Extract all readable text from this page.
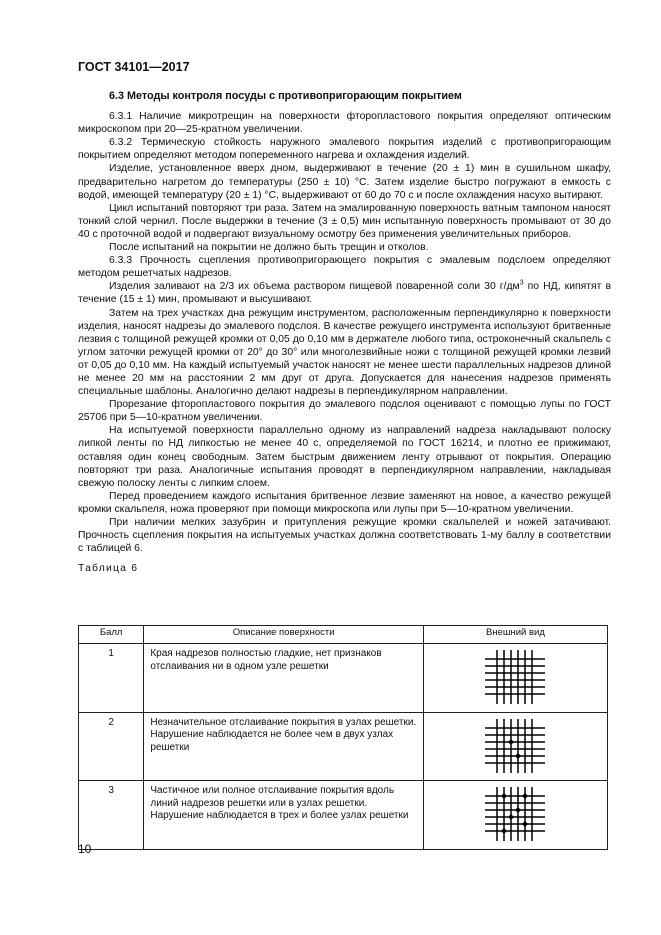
ГОСТ 34101—2017

6.3 Методы контроля посуды с противопригорающим покрытием

6.3.1 Наличие микротрещин на поверхности фторопластового покрытия определяют оптическим микроскопом при 20—25-кратном увеличении.

6.3.2 Термическую стойкость наружного эмалевого покрытия изделий с противопригорающим покрытием определяют методом попеременного нагрева и охлаждения изделий.

Изделие, установленное вверх дном, выдерживают в течение (20 ± 1) мин в сушильном шкафу, предварительно нагретом до температуры (250 ± 10) °С. Затем изделие быстро погружают в емкость с водой, имеющей температуру (20 ± 1) °С, выдерживают от 60 до 70 с и после охлаждения насухо вытирают.

Цикл испытаний повторяют три раза. Затем на эмалированную поверхность ватным тампоном наносят тонкий слой чернил. После выдержки в течение (3 ± 0,5) мин испытанную поверхность промывают от 30 до 40 с проточной водой и подвергают визуальному осмотру без применения увеличительных приборов.

После испытаний на покрытии не должно быть трещин и отколов.

6.3.3 Прочность сцепления противопригорающего покрытия с эмалевым подслоем определяют методом решетчатых надрезов.

Изделия заливают на 2/3 их объема раствором пищевой поваренной соли 30 $г/дм^3$ по НД, кипятят в течение (15 ± 1) мин, промывают и высушивают.

Затем на трех участках дна режущим инструментом, расположенным перпендикулярно к поверхности изделия, наносят надрезы до эмалевого подслоя. В качестве режущего инструмента используют бритвенные лезвия с толщиной режущей кромки от 0,05 до 0,10 мм в держателе любого типа, остроконечный скальпель с углом заточки режущей кромки от 20° до 30° или многолезвийные ножи с толщиной режущей кромки лезвий от 0,05 до 0,10 мм. На каждый испытуемый участок наносят не менее шести параллельных надрезов длиной не менее 20 мм на расстоянии 2 мм друг от друга. Допускается для нанесения надрезов применять специальные шаблоны. Аналогично делают надрезы в перпендикулярном направлении.

Прорезание фторопластового покрытия до эмалевого подслоя оценивают с помощью лупы по ГОСТ 25706 при 5—10-кратном увеличении.

На испытуемой поверхности параллельно одному из направлений надреза накладывают полоску липкой ленты по НД липкостью не менее 40 с, определяемой по ГОСТ 16214, и плотно ее прижимают, оставляя один конец свободным. Затем быстрым движением ленту отрывают от покрытия. Операцию повторяют три раза. Аналогичные испытания проводят в перпендикулярном направлении, накладывая свежую полоску ленты с липким слоем.

Перед проведением каждого испытания бритвенное лезвие заменяют на новое, а качество режущей кромки скальпеля, ножа проверяют при помощи микроскопа или лупы при 5—10-кратном увеличении.

При наличии мелких зазубрин и притупления режущие кромки скальпелей и ножей затачивают. Прочность сцепления покрытия на испытуемых участках должна соответствовать 1-му баллу в соответствии с таблицей 6.

Таблица 6

Балл	Описание поверхности	Внешний вид
1	Края надрезов полностью гладкие, нет признаков отслаивания ни в одном узле решетки	
2	Незначительное отслаивание покрытия в узлах решетки. Нарушение наблюдается не более чем в двух узлах решетки	
3	Частичное или полное отслаивание покрытия вдоль линий надрезов решетки или в узлах решетки. Нарушение наблюдается в трех и более узлах решетки	
10
